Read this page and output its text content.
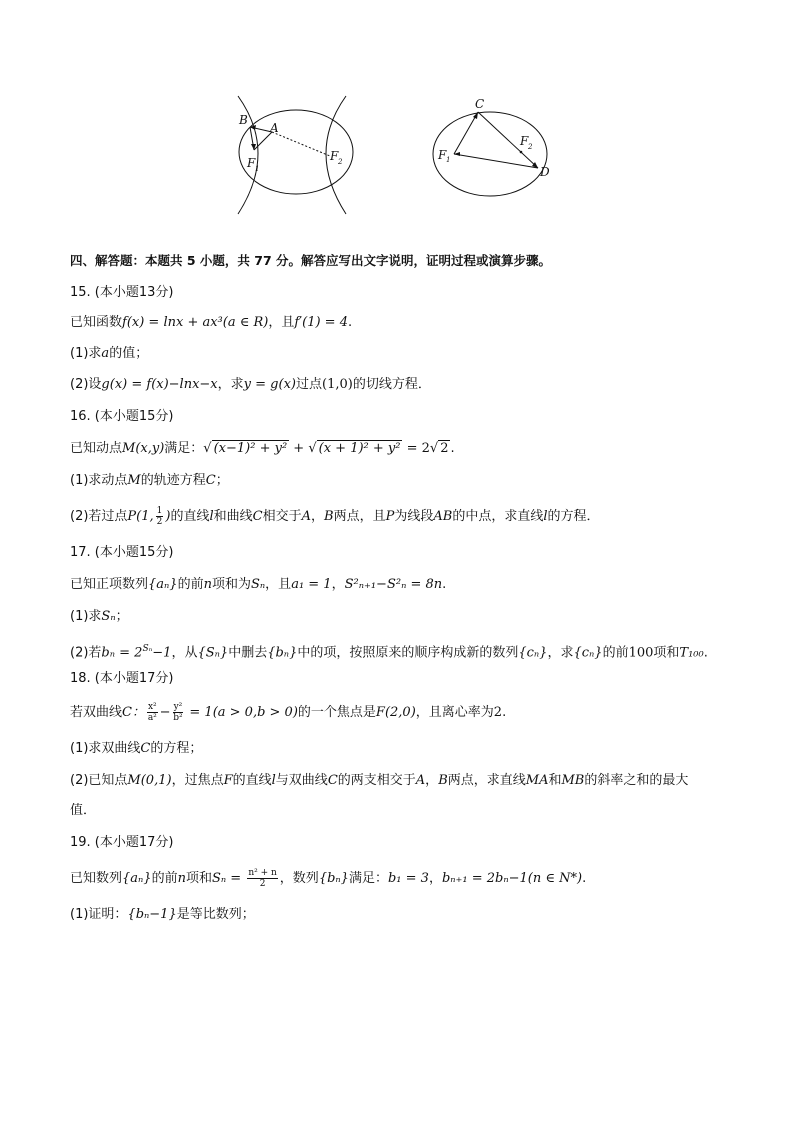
B
A
F 1
F 2
C
F 1
F 2
D
四、解答题：本题共 5 小题，共 77 分。解答应写出文字说明，证明过程或演算步骤。
15. (本小题13分)
已知函数f(x) = lnx + ax³(a ∈ R)，且f′(1) = 4.
(1)求a的值；
(2)设g(x) = f(x)−lnx−x，求y = g(x)过点(1,0)的切线方程．
16. (本小题15分)
已知动点M(x,y)满足：√ (x−1)² + y² + √ (x + 1)² + y² = 2√ 2 .
(1)求动点M的轨迹方程C；
(2)若过点P(1, $\frac{1}{2}$ )的直线l和曲线C相交于A，B两点，且P为线段AB的中点，求直线l的方程．
17. (本小题15分)
已知正项数列{aₙ}的前n项和为Sₙ，且a₁ = 1，S²ₙ₊₁−S²ₙ = 8n.
(1)求Sₙ；
(2)若$b_n = 2^{S_n}-1$，从{Sₙ}中删去{bₙ}中的项，按照原来的顺序构成新的数列{cₙ}，求{cₙ}的前100项和T₁₀₀.
18. (本小题17分)
若双曲线C： $\frac{\text{x²}}{\text{a²}} - \frac{\text{y²}}{\text{b²}} = 1(a > 0,b > 0)$的一个焦点是F(2,0)，且离心率为2.
(1)求双曲线C的方程；
(2)已知点M(0,1)，过焦点F的直线l与双曲线C的两支相交于A，B两点，求直线MA和MB的斜率之和的最大
值．
19. (本小题17分)
已知数列{aₙ}的前n项和$S_n = \frac{\text{n² + n}}{2}$ ，数列{bₙ}满足：b₁ = 3，bₙ₊₁ = 2bₙ−1(n ∈ N*).
(1)证明：{bₙ−1}是等比数列；
